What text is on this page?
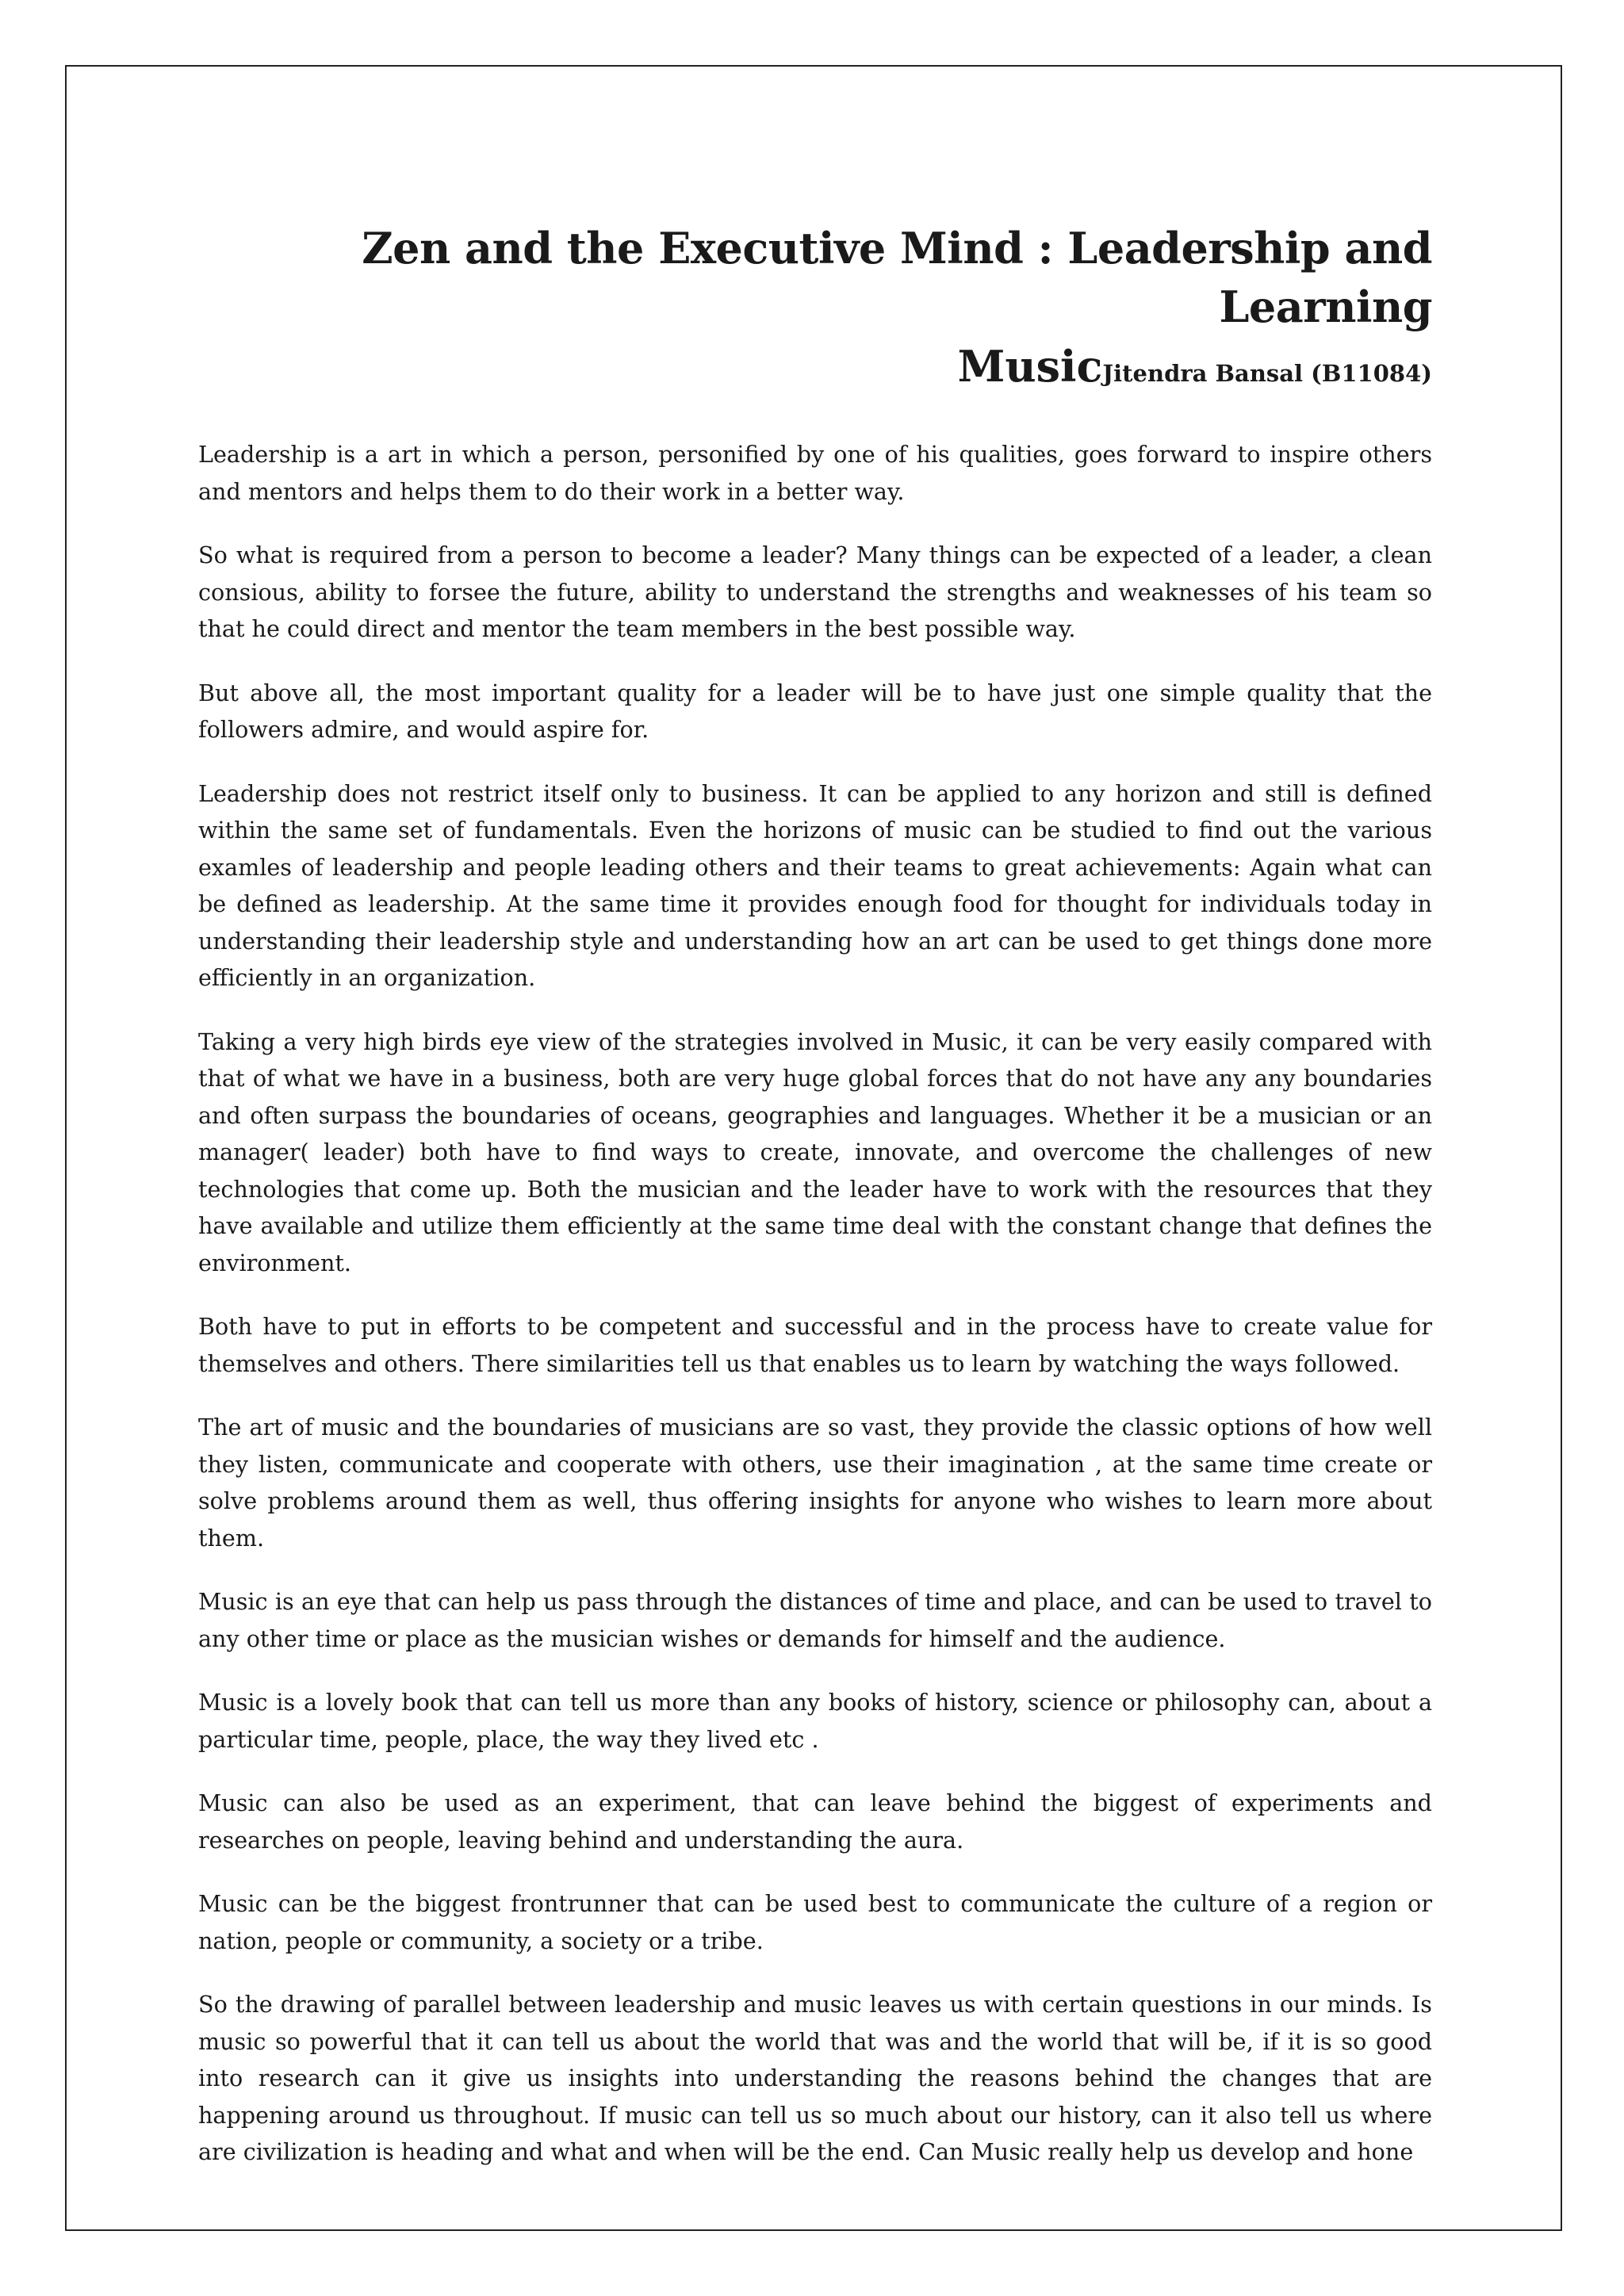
Zen and the Executive Mind : Leadership and Learning
MusicJitendra Bansal (B11084)

Leadership is a art in which a person, personified by one of his qualities, goes forward to inspire others and mentors and helps them to do their work in a better way.

So what is required from a person to become a leader? Many things can be expected of a leader, a clean consious, ability to forsee the future, ability to understand the strengths and weaknesses of his team so that he could direct and mentor the team members in the best possible way.

But above all, the most important quality for a leader will be to have just one simple quality that the followers admire, and would aspire for.

Leadership does not restrict itself only to business. It can be applied to any horizon and still is defined within the same set of fundamentals. Even the horizons of music can be studied to find out the various examles of leadership and people leading others and their teams to great achievements: Again what can be defined as leadership. At the same time it provides enough food for thought for individuals today in understanding their leadership style and understanding how an art can be used to get things done more efficiently in an organization.

Taking a very high birds eye view of the strategies involved in Music, it can be very easily compared with that of what we have in a business, both are very huge global forces that do not have any any boundaries and often surpass the boundaries of oceans, geographies and languages. Whether it be a musician or an manager( leader) both have to find ways to create, innovate, and overcome the challenges of new technologies that come up. Both the musician and the leader have to work with the resources that they have available and utilize them efficiently at the same time deal with the constant change that defines the environment.

Both have to put in efforts to be competent and successful and in the process have to create value for themselves and others. There similarities tell us that enables us to learn by watching the ways followed.

The art of music and the boundaries of musicians are so vast, they provide the classic options of how well they listen, communicate and cooperate with others, use their imagination , at the same time create or solve problems around them as well, thus offering insights for anyone who wishes to learn more about them.

Music is an eye that can help us pass through the distances of time and place, and can be used to travel to any other time or place as the musician wishes or demands for himself and the audience.

Music is a lovely book that can tell us more than any books of history, science or philosophy can, about a particular time, people, place, the way they lived etc .

Music can also be used as an experiment, that can leave behind the biggest of experiments and researches on people, leaving behind and understanding the aura.

Music can be the biggest frontrunner that can be used best to communicate the culture of a region or nation, people or community, a society or a tribe.

So the drawing of parallel between leadership and music leaves us with certain questions in our minds. Is music so powerful that it can tell us about the world that was and the world that will be, if it is so good into research can it give us insights into understanding the reasons behind the changes that are happening around us throughout. If music can tell us so much about our history, can it also tell us where are civilization is heading and what and when will be the end. Can Music really help us develop and hone
